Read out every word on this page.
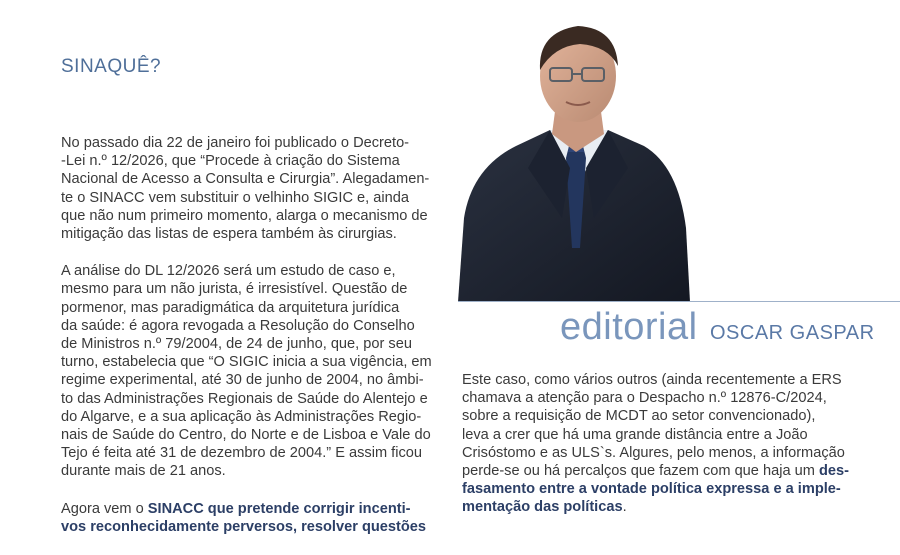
SINAQUÊ?

No passado dia 22 de janeiro foi publicado o Decreto-
-Lei n.º 12/2026, que “Procede à criação do Sistema
Nacional de Acesso a Consulta e Cirurgia”. Alegadamen-
te o SINACC vem substituir o velhinho SIGIC e, ainda
que não num primeiro momento, alarga o mecanismo de
mitigação das listas de espera também às cirurgias.

A análise do DL 12/2026 será um estudo de caso e,
mesmo para um não jurista, é irresistível. Questão de
pormenor, mas paradigmática da arquitetura jurídica
da saúde: é agora revogada a Resolução do Conselho
de Ministros n.º 79/2004, de 24 de junho, que, por seu
turno, estabelecia que “O SIGIC inicia a sua vigência, em
regime experimental, até 30 de junho de 2004, no âmbi-
to das Administrações Regionais de Saúde do Alentejo e
do Algarve, e a sua aplicação às Administrações Regio-
nais de Saúde do Centro, do Norte e de Lisboa e Vale do
Tejo é feita até 31 de dezembro de 2004.” E assim ficou
durante mais de 21 anos.

Agora vem o SINACC que pretende corrigir incenti-
vos reconhecidamente perversos, resolver questões

editorial OSCAR GASPAR
Este caso, como vários outros (ainda recentemente a ERS
chamava a atenção para o Despacho n.º 12876-C/2024,
sobre a requisição de MCDT ao setor convencionado),
leva a crer que há uma grande distância entre a João
Crisóstomo e as ULS`s. Algures, pelo menos, a informação
perde-se ou há percalços que fazem com que haja um des-
fasamento entre a vontade política expressa e a imple-
mentação das políticas.
